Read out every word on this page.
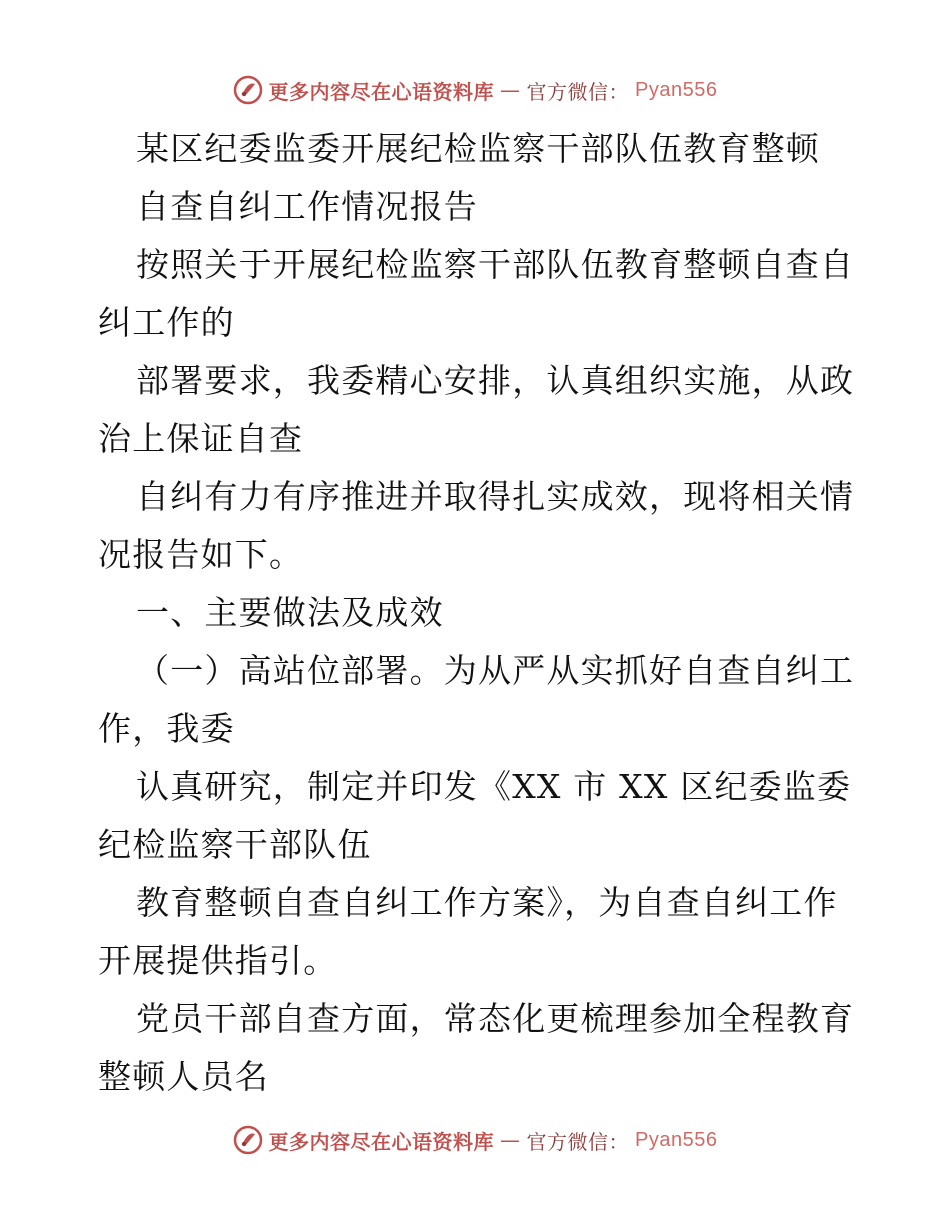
更多内容尽在心语资料库 — 官方微信： Pyan556
某区纪委监委开展纪检监察干部队伍教育整顿
自查自纠工作情况报告
按照关于开展纪检监察干部队伍教育整顿自查自
纠工作的
部署要求，我委精心安排，认真组织实施，从政
治上保证自查
自纠有力有序推进并取得扎实成效，现将相关情
况报告如下。
一、主要做法及成效
（一）高站位部署。为从严从实抓好自查自纠工
作，我委
认真研究，制定并印发《XX 市 XX 区纪委监委
纪检监察干部队伍
教育整顿自查自纠工作方案》，为自查自纠工作
开展提供指引。
党员干部自查方面，常态化更梳理参加全程教育
整顿人员名
更多内容尽在心语资料库 — 官方微信： Pyan556
